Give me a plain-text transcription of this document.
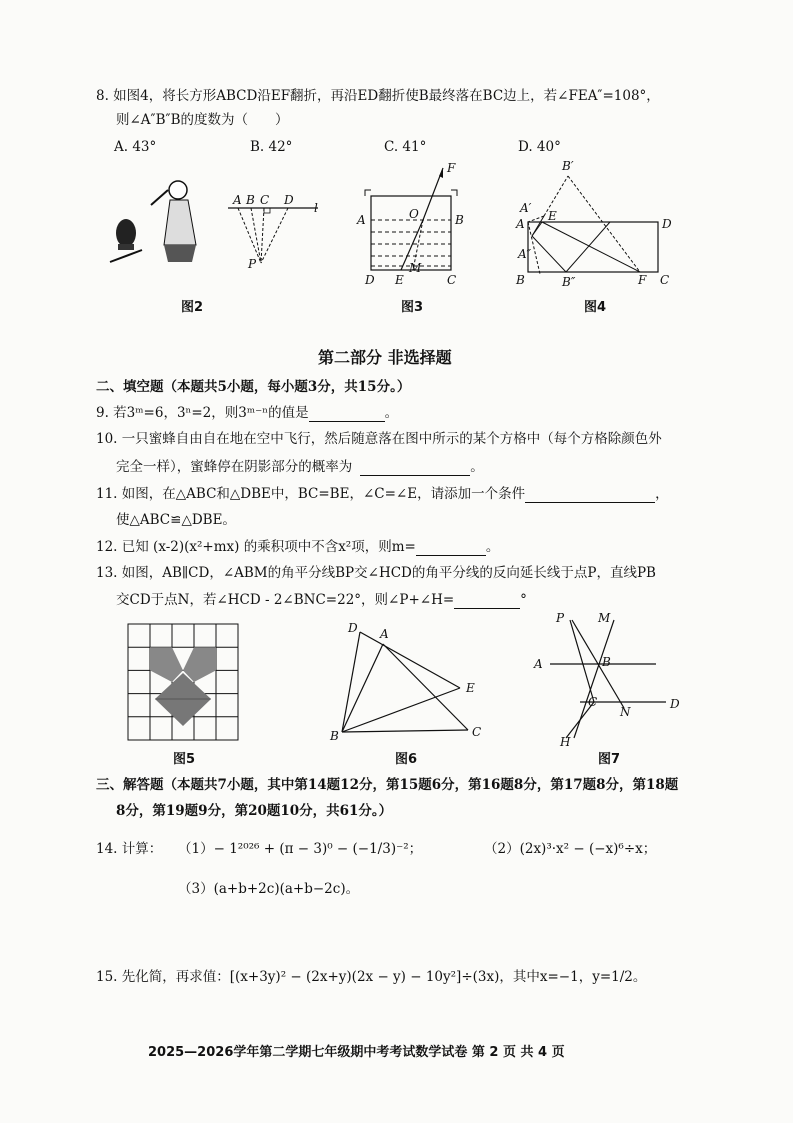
8. 如图4，将长方形ABCD沿EF翻折，再沿ED翻折使B最终落在BC边上，若∠FEA″=108°，
则∠A″B″B的度数为（　　）
A. 43°	B. 42°	C. 41°	D. 40°
A B C D
l
P
图2
F
O
A	B
E
M
D	C
图3
B′
A′
E
A	D
A″
B	B″	F C
图4
第二部分 非选择题
二、填空题（本题共5小题，每小题3分，共15分。）
9. 若3ᵐ=6，3ⁿ=2，则3ᵐ⁻ⁿ的值是	。
10. 一只蜜蜂自由自在地在空中飞行，然后随意落在图中所示的某个方格中（每个方格除颜色外
完全一样），蜜蜂停在阴影部分的概率为	。
11. 如图，在△ABC和△DBE中，BC=BE，∠C=∠E，请添加一个条件	，
使△ABC≌△DBE。
12. 已知 (x-2)(x²+mx) 的乘积项中不含x²项，则m=	。
13. 如图，AB∥CD，∠ABM的角平分线BP交∠HCD的角平分线的反向延长线于点P，直线PB
交CD于点N，若∠HCD - 2∠BNC=22°，则∠P+∠H=	°
图5
D A
E
B	C
图6
P	M
A	B
C
N
D
H
图7
三、解答题（本题共7小题，其中第14题12分，第15题6分，第16题8分，第17题8分，第18题
8分，第19题9分，第20题10分，共61分。）
14. 计算： （1）− 1²⁰²⁶ + (π − 3)⁰ − (−1/3)⁻²；	（2）(2x)³·x² − (−x)⁶÷x；
（3）(a+b+2c)(a+b−2c)。
15. 先化简，再求值：[(x+3y)² − (2x+y)(2x − y) − 10y²]÷(3x)，其中x=−1，y=1/2。
2025—2026学年第二学期七年级期中考考试数学试卷 第 2 页 共 4 页
